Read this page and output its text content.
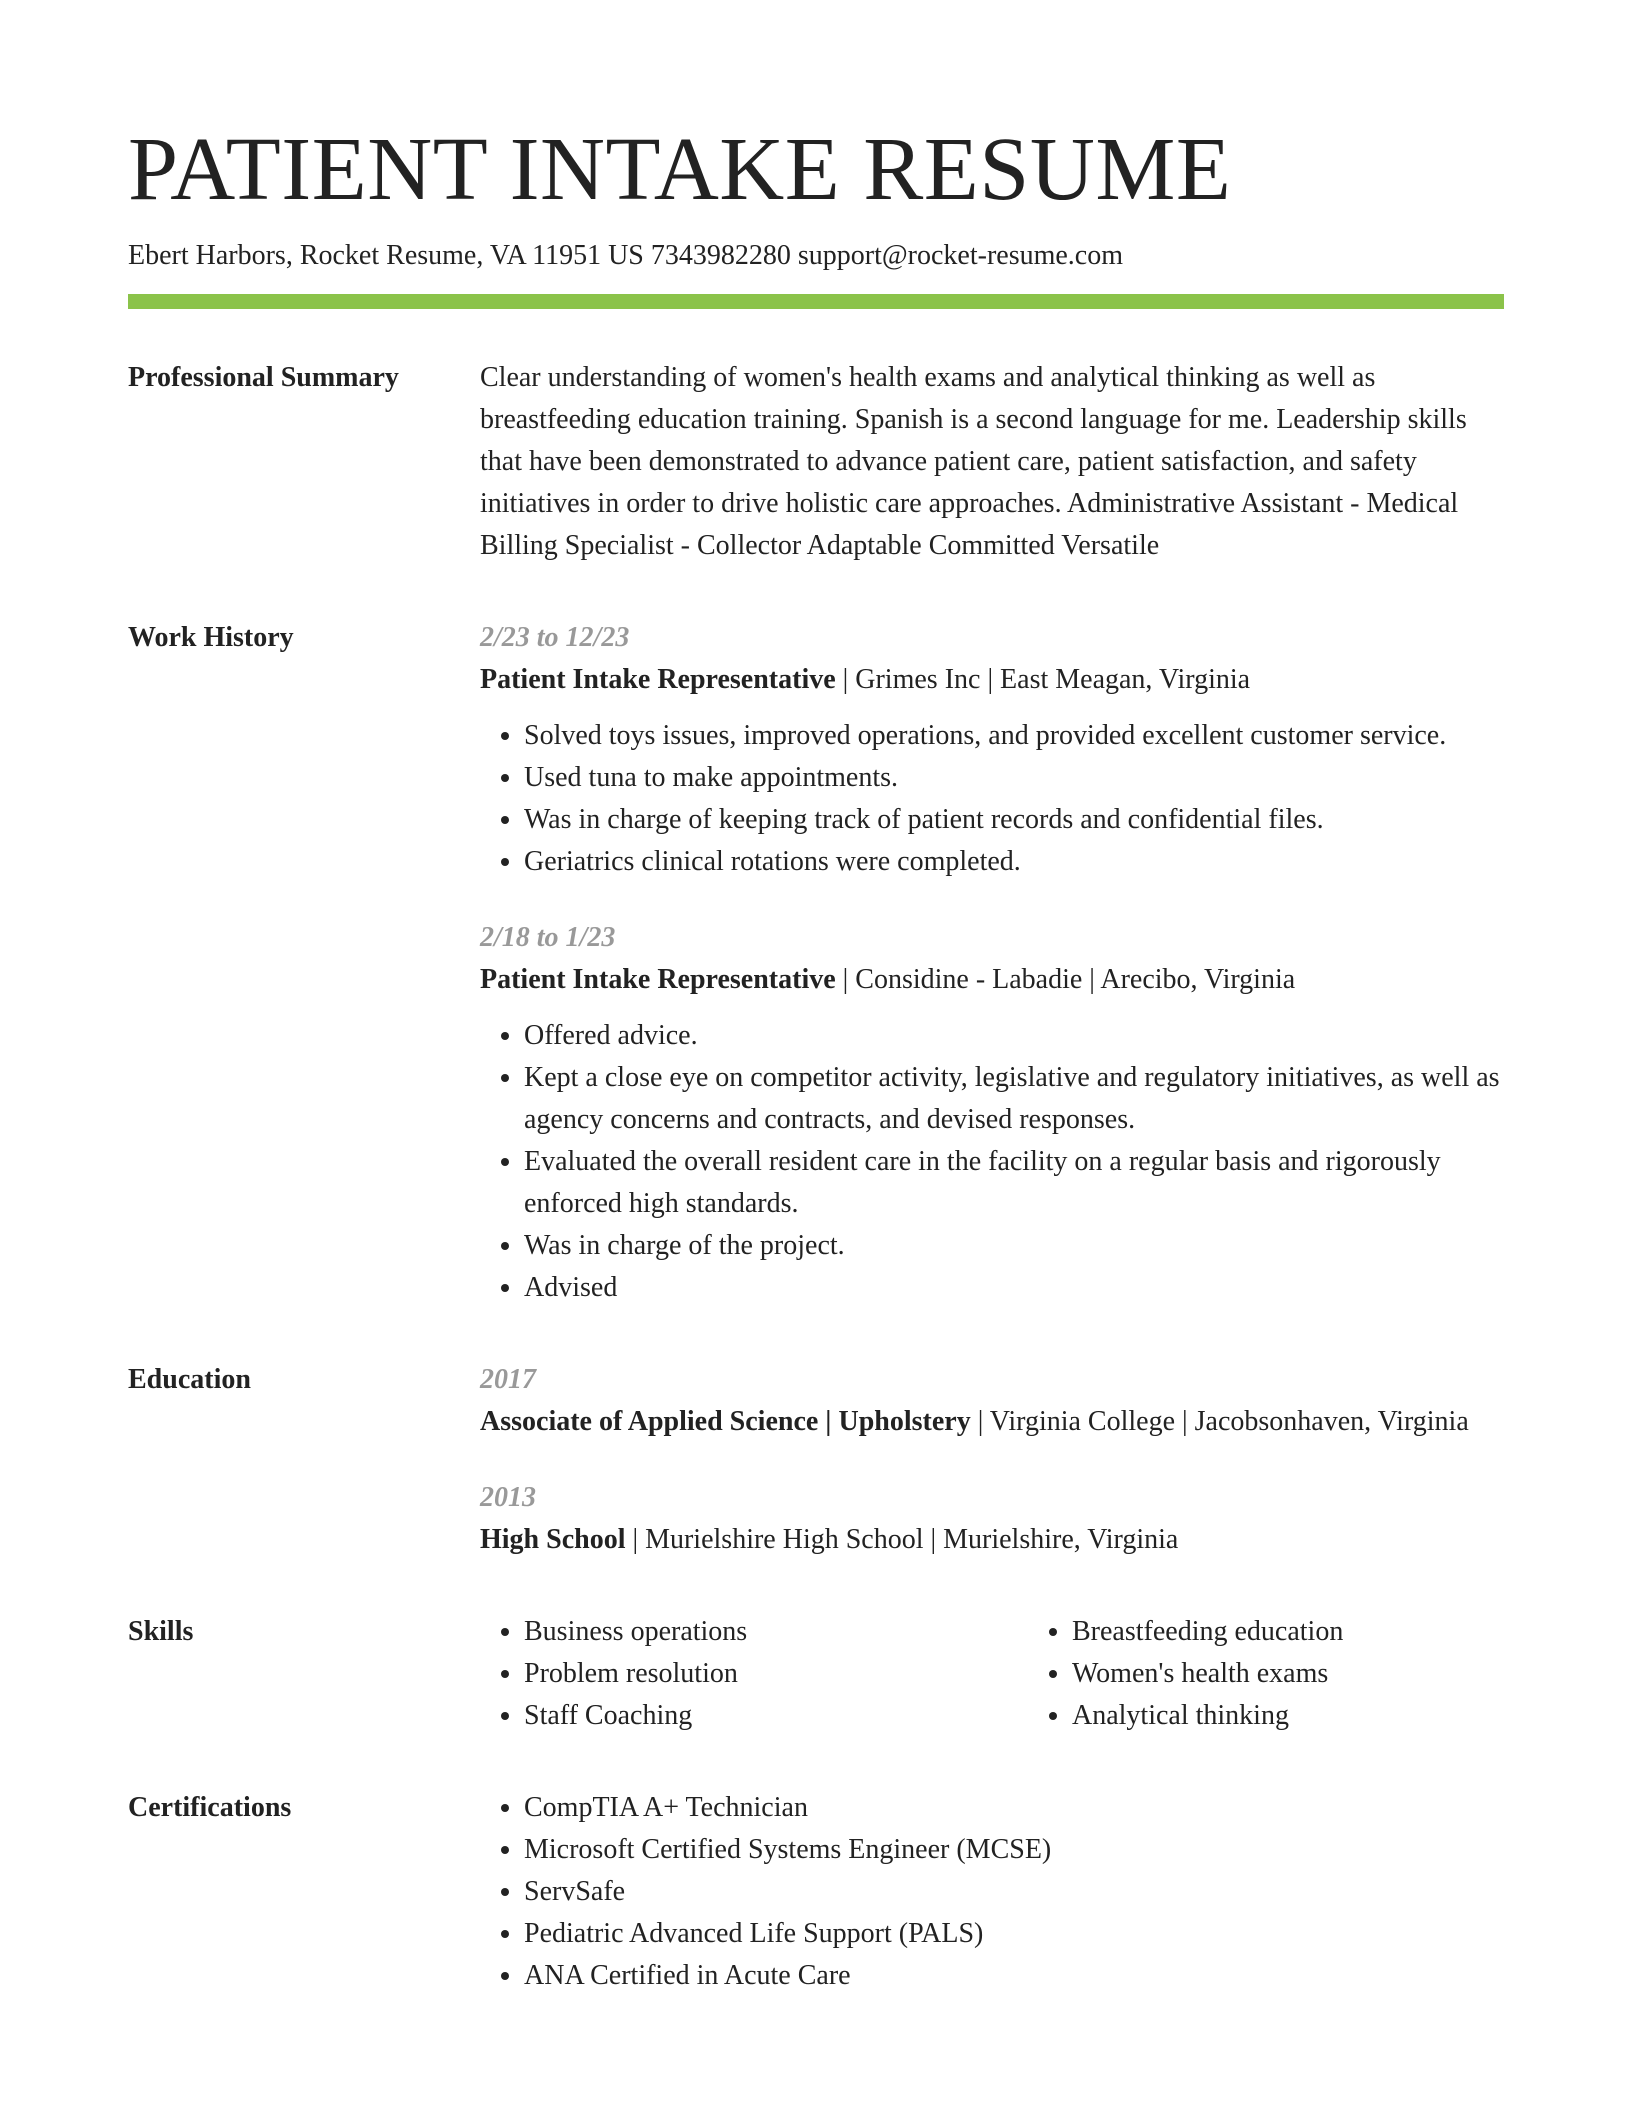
PATIENT INTAKE RESUME
Ebert Harbors, Rocket Resume, VA 11951 US 7343982280 support@rocket-resume.com
Professional Summary	Clear understanding of women's health exams and analytical thinking as well as breastfeeding education training. Spanish is a second language for me. Leadership skills that have been demonstrated to advance patient care, patient satisfaction, and safety initiatives in order to drive holistic care approaches. Administrative Assistant - Medical Billing Specialist - Collector Adaptable Committed Versatile

Work History	2/23 to 12/23
Patient Intake Representative | Grimes Inc | East Meagan, Virginia
• Solved toys issues, improved operations, and provided excellent customer service.
• Used tuna to make appointments.
• Was in charge of keeping track of patient records and confidential files.
• Geriatrics clinical rotations were completed.
2/18 to 1/23
Patient Intake Representative | Considine - Labadie | Arecibo, Virginia
• Offered advice.
• Kept a close eye on competitor activity, legislative and regulatory initiatives, as well as agency concerns and contracts, and devised responses.
• Evaluated the overall resident care in the facility on a regular basis and rigorously enforced high standards.
• Was in charge of the project.
• Advised
Education	2017
Associate of Applied Science | Upholstery | Virginia College | Jacobsonhaven, Virginia
2013
High School | Murielshire High School | Murielshire, Virginia
Skills	• Business operations
• Problem resolution
• Staff Coaching
• Breastfeeding education
• Women's health exams
• Analytical thinking
Certifications	• CompTIA A+ Technician
• Microsoft Certified Systems Engineer (MCSE)
• ServSafe
• Pediatric Advanced Life Support (PALS)
• ANA Certified in Acute Care
